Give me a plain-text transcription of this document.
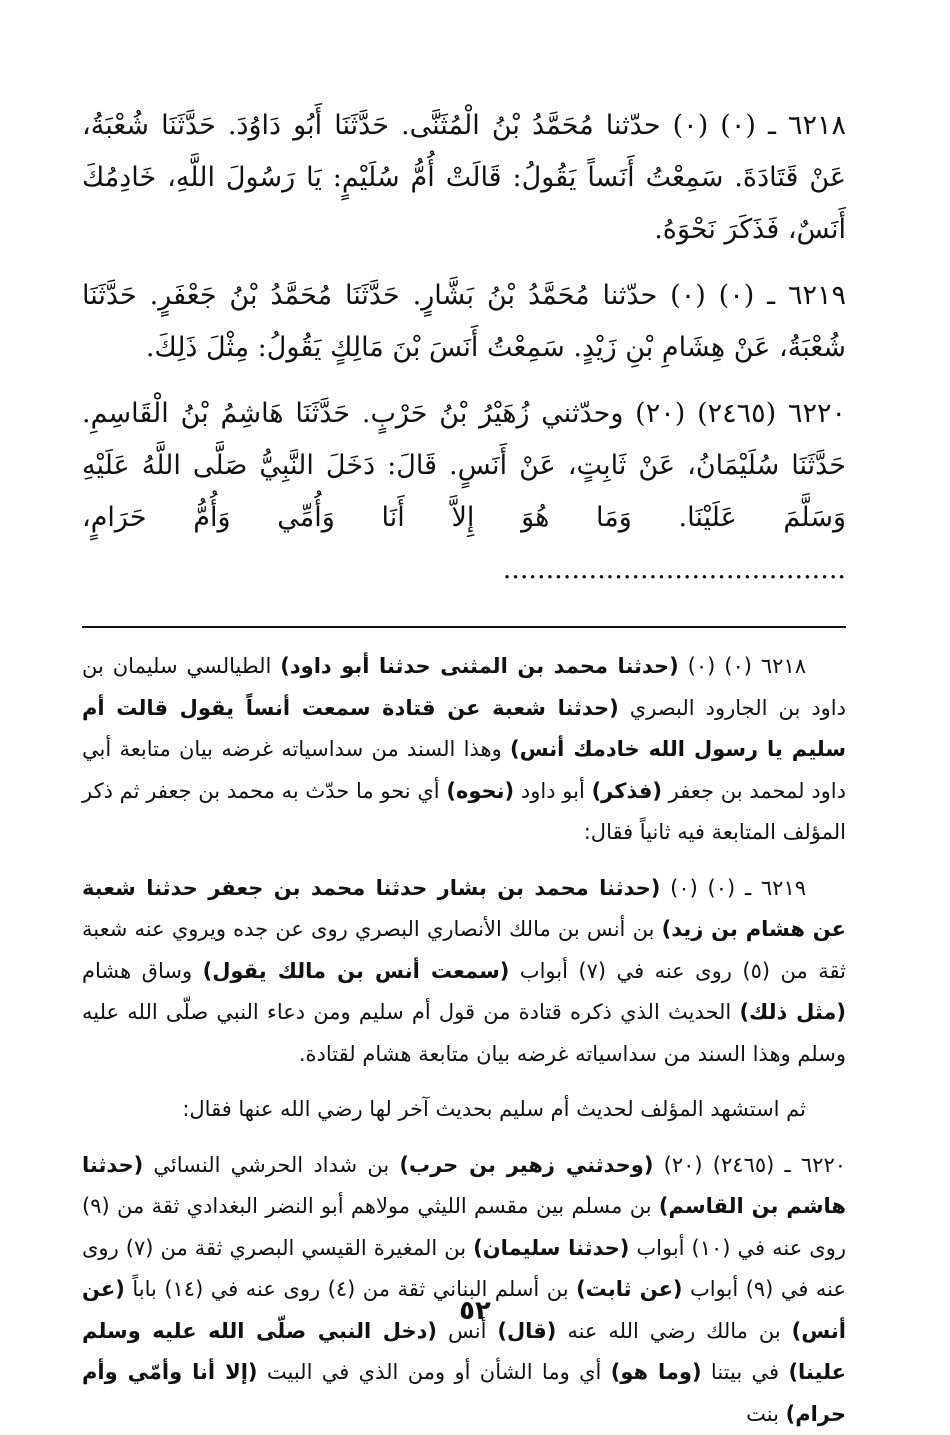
٦٢١٨ ـ (٠) (٠) حدّثنا مُحَمَّدُ بْنُ الْمُثَنَّى. حَدَّثَنَا أَبُو دَاوُدَ. حَدَّثَنَا شُعْبَةُ، عَنْ قَتَادَةَ. سَمِعْتُ أَنَساً يَقُولُ: قَالَتْ أُمُّ سُلَيْمٍ: يَا رَسُولَ اللَّهِ، خَادِمُكَ أَنَسٌ، فَذَكَرَ نَحْوَهُ.

٦٢١٩ ـ (٠) (٠) حدّثنا مُحَمَّدُ بْنُ بَشَّارٍ. حَدَّثَنَا مُحَمَّدُ بْنُ جَعْفَرٍ. حَدَّثَنَا شُعْبَةُ، عَنْ هِشَامِ بْنِ زَيْدٍ. سَمِعْتُ أَنَسَ بْنَ مَالِكٍ يَقُولُ: مِثْلَ ذَلِكَ.

٦٢٢٠ (٢٤٦٥) (٢٠) وحدّثني زُهَيْرُ بْنُ حَرْبٍ. حَدَّثَنَا هَاشِمُ بْنُ الْقَاسِمِ. حَدَّثَنَا سُلَيْمَانُ، عَنْ ثَابِتٍ، عَنْ أَنَسٍ. قَالَ: دَخَلَ النَّبِيُّ صَلَّى اللَّهُ عَلَيْهِ وَسَلَّمَ عَلَيْنَا. وَمَا هُوَ إِلاَّ أَنَا وَأُمِّي وَأُمُّ حَرَامٍ، ........................................

٦٢١٨ (٠) (٠) (حدثنا محمد بن المثنى حدثنا أبو داود) الطيالسي سليمان بن داود بن الجارود البصري (حدثنا شعبة عن قتادة سمعت أنساً يقول قالت أم سليم يا رسول الله خادمك أنس) وهذا السند من سداسياته غرضه بيان متابعة أبي داود لمحمد بن جعفر (فذكر) أبو داود (نحوه) أي نحو ما حدّث به محمد بن جعفر ثم ذكر المؤلف المتابعة فيه ثانياً فقال:

٦٢١٩ ـ (٠) (٠) (حدثنا محمد بن بشار حدثنا محمد بن جعفر حدثنا شعبة عن هشام بن زيد) بن أنس بن مالك الأنصاري البصري روى عن جده ويروي عنه شعبة ثقة من (٥) روى عنه في (٧) أبواب (سمعت أنس بن مالك يقول) وساق هشام (مثل ذلك) الحديث الذي ذكره قتادة من قول أم سليم ومن دعاء النبي صلّى الله عليه وسلم وهذا السند من سداسياته غرضه بيان متابعة هشام لقتادة.

ثم استشهد المؤلف لحديث أم سليم بحديث آخر لها رضي الله عنها فقال:

٦٢٢٠ ـ (٢٤٦٥) (٢٠) (وحدثني زهير بن حرب) بن شداد الحرشي النسائي (حدثنا هاشم بن القاسم) بن مسلم بين مقسم الليثي مولاهم أبو النضر البغدادي ثقة من (٩) روى عنه في (١٠) أبواب (حدثنا سليمان) بن المغيرة القيسي البصري ثقة من (٧) روى عنه في (٩) أبواب (عن ثابت) بن أسلم البناني ثقة من (٤) روى عنه في (١٤) باباً (عن أنس) بن مالك رضي الله عنه (قال) أنس (دخل النبي صلّى الله عليه وسلم علينا) في بيتنا (وما هو) أي وما الشأن أو ومن الذي في البيت (إلا أنا وأمّي وأم حرام) بنت

٥٢
